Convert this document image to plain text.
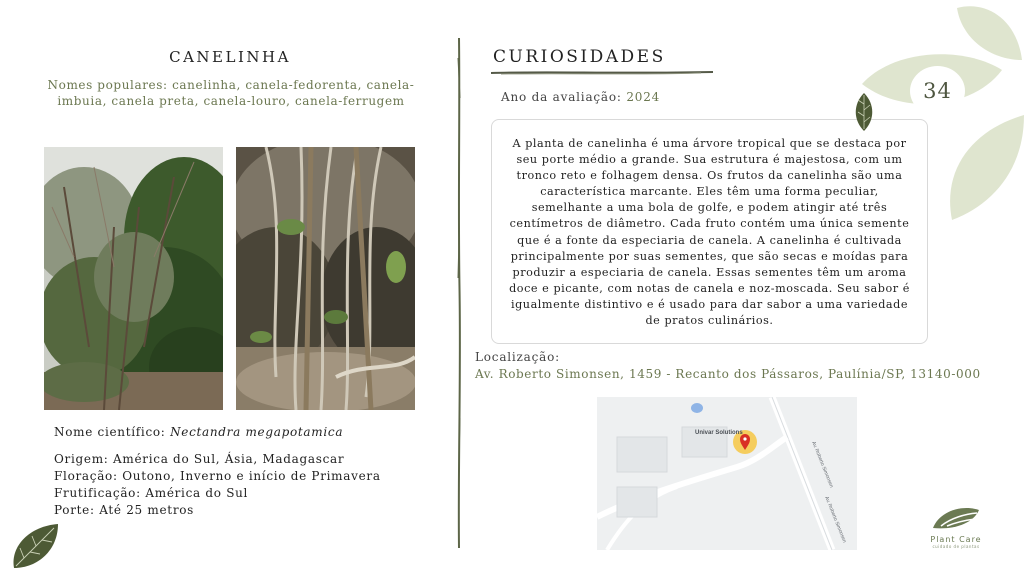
CANELINHA
Nomes populares: canelinha, canela-fedorenta, canela-imbuia, canela preta, canela-louro, canela-ferrugem
Nome científico: Nectandra megapotamica
Origem: América do Sul, Ásia, Madagascar
Floração: Outono, Inverno e início de Primavera
Frutificação: América do Sul
Porte: Até 25 metros
CURIOSIDADES
Ano da avaliação: 2024
A planta de canelinha é uma árvore tropical que se destaca por seu porte médio a grande. Sua estrutura é majestosa, com um tronco reto e folhagem densa. Os frutos da canelinha são uma característica marcante. Eles têm uma forma peculiar, semelhante a uma bola de golfe, e podem atingir até três centímetros de diâmetro. Cada fruto contém uma única semente que é a fonte da especiaria de canela. A canelinha é cultivada principalmente por suas sementes, que são secas e moídas para produzir a especiaria de canela. Essas sementes têm um aroma doce e picante, com notas de canela e noz-moscada. Seu sabor é igualmente distintivo e é usado para dar sabor a uma variedade de pratos culinários.
Localização:
Av. Roberto Simonsen, 1459 - Recanto dos Pássaros, Paulínia/SP, 13140-000
Univar Solutions
Av. Roberto Simonsen
Av. Roberto Simonsen
34
Plant Care
cuidado de plantas
